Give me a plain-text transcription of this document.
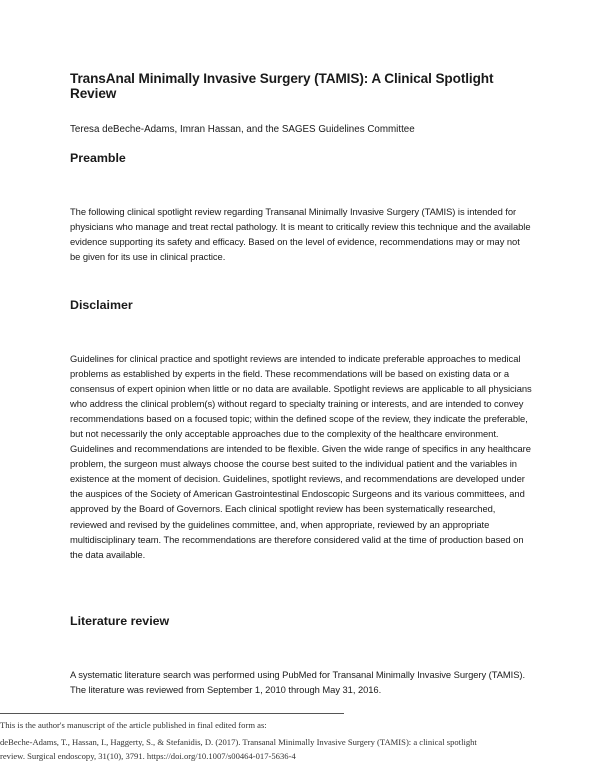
TransAnal Minimally Invasive Surgery (TAMIS): A Clinical Spotlight Review
Teresa deBeche-Adams, Imran Hassan, and the SAGES Guidelines Committee
Preamble
The following clinical spotlight review regarding Transanal Minimally Invasive Surgery (TAMIS) is intended for physicians who manage and treat rectal pathology. It is meant to critically review this technique and the available evidence supporting its safety and efficacy. Based on the level of evidence, recommendations may or may not be given for its use in clinical practice.
Disclaimer
Guidelines for clinical practice and spotlight reviews are intended to indicate preferable approaches to medical problems as established by experts in the field. These recommendations will be based on existing data or a consensus of expert opinion when little or no data are available. Spotlight reviews are applicable to all physicians who address the clinical problem(s) without regard to specialty training or interests, and are intended to convey recommendations based on a focused topic; within the defined scope of the review, they indicate the preferable, but not necessarily the only acceptable approaches due to the complexity of the healthcare environment. Guidelines and recommendations are intended to be flexible. Given the wide range of specifics in any healthcare problem, the surgeon must always choose the course best suited to the individual patient and the variables in existence at the moment of decision. Guidelines, spotlight reviews, and recommendations are developed under the auspices of the Society of American Gastrointestinal Endoscopic Surgeons and its various committees, and approved by the Board of Governors. Each clinical spotlight review has been systematically researched, reviewed and revised by the guidelines committee, and, when appropriate, reviewed by an appropriate multidisciplinary team. The recommendations are therefore considered valid at the time of production based on the data available.
Literature review
A systematic literature search was performed using PubMed for Transanal Minimally Invasive Surgery (TAMIS). The literature was reviewed from September 1, 2010 through May 31, 2016.
This is the author's manuscript of the article published in final edited form as:
deBeche-Adams, T., Hassan, I., Haggerty, S., & Stefanidis, D. (2017). Transanal Minimally Invasive Surgery (TAMIS): a clinical spotlight
review. Surgical endoscopy, 31(10), 3791. https://doi.org/10.1007/s00464-017-5636-4
